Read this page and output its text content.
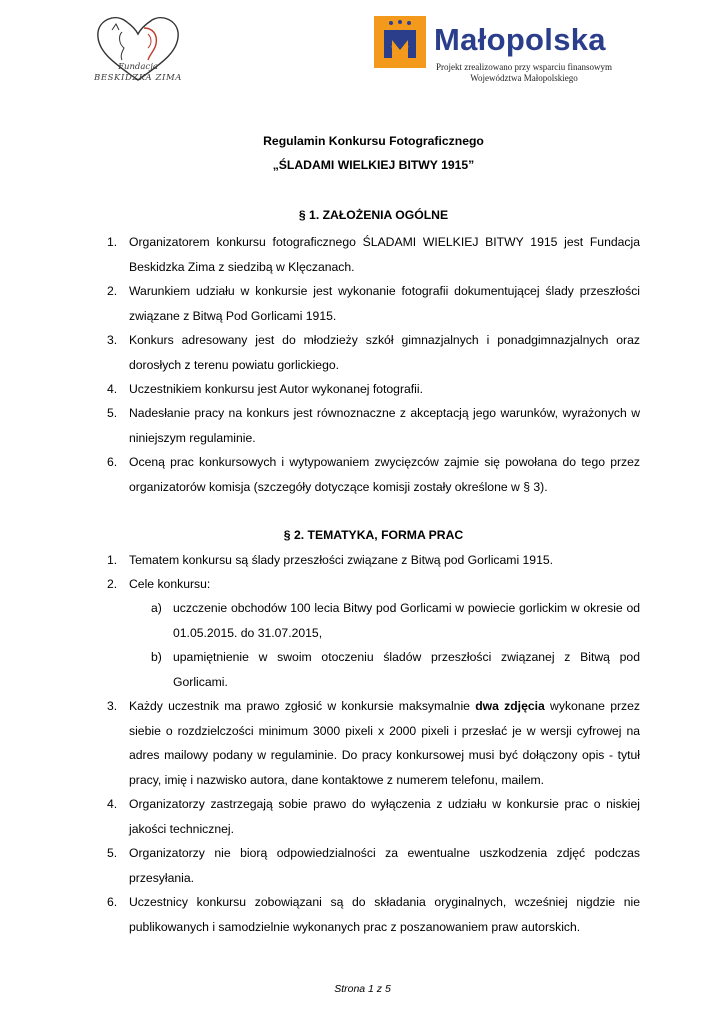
Fundacja
BESKIDZKA ZIMA
Małopolska
Projekt zrealizowano przy wsparciu finansowym
Województwa Małopolskiego
Regulamin Konkursu Fotograficznego
„ŚLADAMI WIELKIEJ BITWY 1915”
§ 1. ZAŁOŻENIA OGÓLNE
1. Organizatorem konkursu fotograficznego ŚLADAMI WIELKIEJ BITWY 1915 jest Fundacja Beskidzka Zima z siedzibą w Klęczanach.
2. Warunkiem udziału w konkursie jest wykonanie fotografii dokumentującej ślady przeszłości związane z Bitwą Pod Gorlicami 1915.
3. Konkurs adresowany jest do młodzieży szkół gimnazjalnych i ponadgimnazjalnych oraz dorosłych z terenu powiatu gorlickiego.
4. Uczestnikiem konkursu jest Autor wykonanej fotografii.
5. Nadesłanie pracy na konkurs jest równoznaczne z akceptacją jego warunków, wyrażonych w niniejszym regulaminie.
6. Oceną prac konkursowych i wytypowaniem zwycięzców zajmie się powołana do tego przez organizatorów komisja (szczegóły dotyczące komisji zostały określone w § 3).
§ 2. TEMATYKA, FORMA PRAC
1. Tematem konkursu są ślady przeszłości związane z Bitwą pod Gorlicami 1915.
2. Cele konkursu:
a) uczczenie obchodów 100 lecia Bitwy pod Gorlicami w powiecie gorlickim w okresie od 01.05.2015. do 31.07.2015,
b) upamiętnienie w swoim otoczeniu śladów przeszłości związanej z Bitwą pod Gorlicami.
3. Każdy uczestnik ma prawo zgłosić w konkursie maksymalnie dwa zdjęcia wykonane przez siebie o rozdzielczości minimum 3000 pixeli x 2000 pixeli i przesłać je w wersji cyfrowej na adres mailowy podany w regulaminie. Do pracy konkursowej musi być dołączony opis - tytuł pracy, imię i nazwisko autora, dane kontaktowe z numerem telefonu, mailem.
4. Organizatorzy zastrzegają sobie prawo do wyłączenia z udziału w konkursie prac o niskiej jakości technicznej.
5. Organizatorzy nie biorą odpowiedzialności za ewentualne uszkodzenia zdjęć podczas przesyłania.
6. Uczestnicy konkursu zobowiązani są do składania oryginalnych, wcześniej nigdzie nie publikowanych i samodzielnie wykonanych prac z poszanowaniem praw autorskich.
Strona 1 z 5
